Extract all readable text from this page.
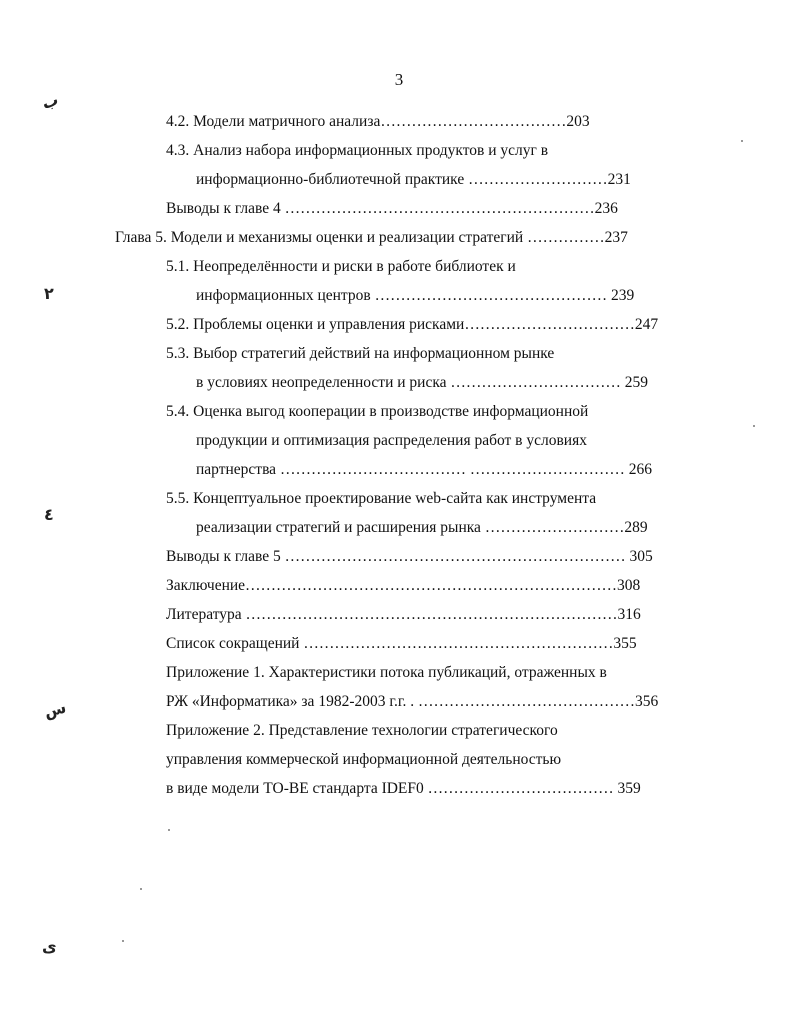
3
4.2. Модели матричного анализа………………………………203
4.3. Анализ набора информационных продуктов и услуг в
информационно-библиотечной практике ………………………231
Выводы к главе 4 ……………………………………………………236
Глава 5. Модели и механизмы оценки и реализации стратегий ……………237
5.1. Неопределённости и риски в работе библиотек и
информационных центров ……………………………………… 239
5.2. Проблемы оценки и управления рисками……………………………247
5.3. Выбор стратегий действий на информационном рынке
в условиях неопределенности и риска …………………………… 259
5.4. Оценка выгод кооперации в производстве информационной
продукции и оптимизация распределения работ в условиях
партнерства ……………………………… ………………………… 266
5.5. Концептуальное проектирование web-сайта как инструмента
реализации стратегий и расширения рынка ………………………289
Выводы к главе 5 ………………………………………………………… 305
Заключение………………………………………………………………308
Литература ………………………………………………………………316
Список сокращений ……………………………………………………355
Приложение 1. Характеристики потока публикаций, отраженных в
РЖ «Информатика» за 1982-2003 г.г. . ……………………………………356
Приложение 2. Представление технологии стратегического
управления коммерческой информационной деятельностью
в виде модели ТО-ВЕ стандарта IDEF0 ……………………………… 359
ب
٢
٤
س
ی
